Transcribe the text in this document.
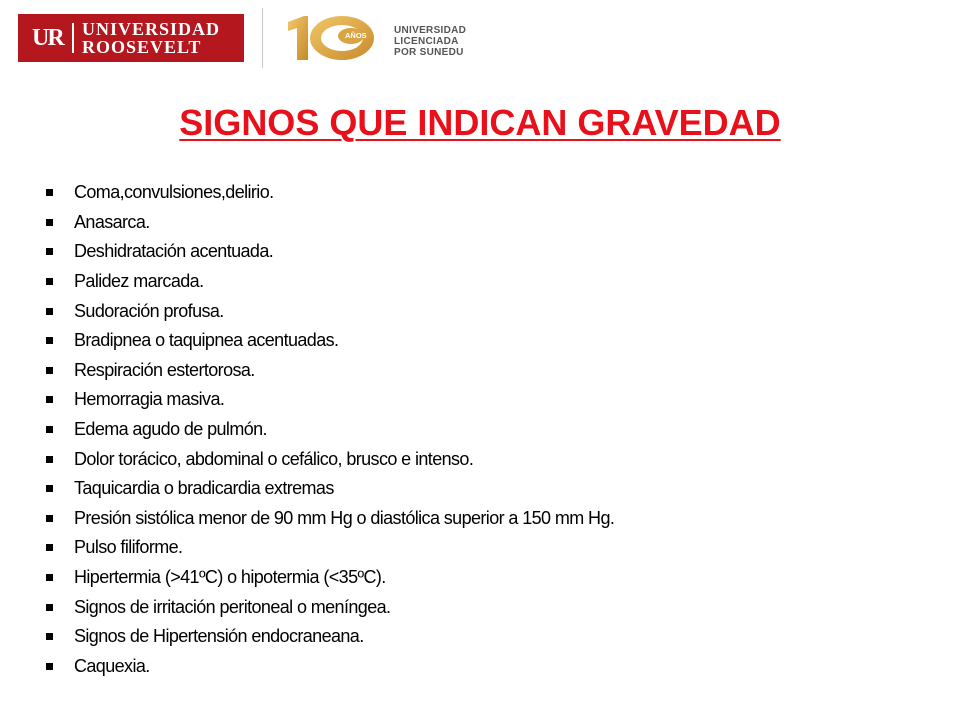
UR UNIVERSIDAD
ROOSEVELT
AÑOS	UNIVERSIDAD
LICENCIADA
POR SUNEDU
SIGNOS QUE INDICAN GRAVEDAD
Coma,convulsiones,delirio.
Anasarca.
Deshidratación acentuada.
Palidez marcada.
Sudoración profusa.
Bradipnea o taquipnea acentuadas.
Respiración estertorosa.
Hemorragia masiva.
Edema agudo de pulmón.
Dolor torácico, abdominal o cefálico, brusco e intenso.
Taquicardia o bradicardia extremas
Presión sistólica menor de 90 mm Hg o diastólica superior a 150 mm Hg.
Pulso filiforme.
Hipertermia (>41ºC) o hipotermia (<35ºC).
Signos de irritación peritoneal o meníngea.
Signos de Hipertensión endocraneana.
Caquexia.
